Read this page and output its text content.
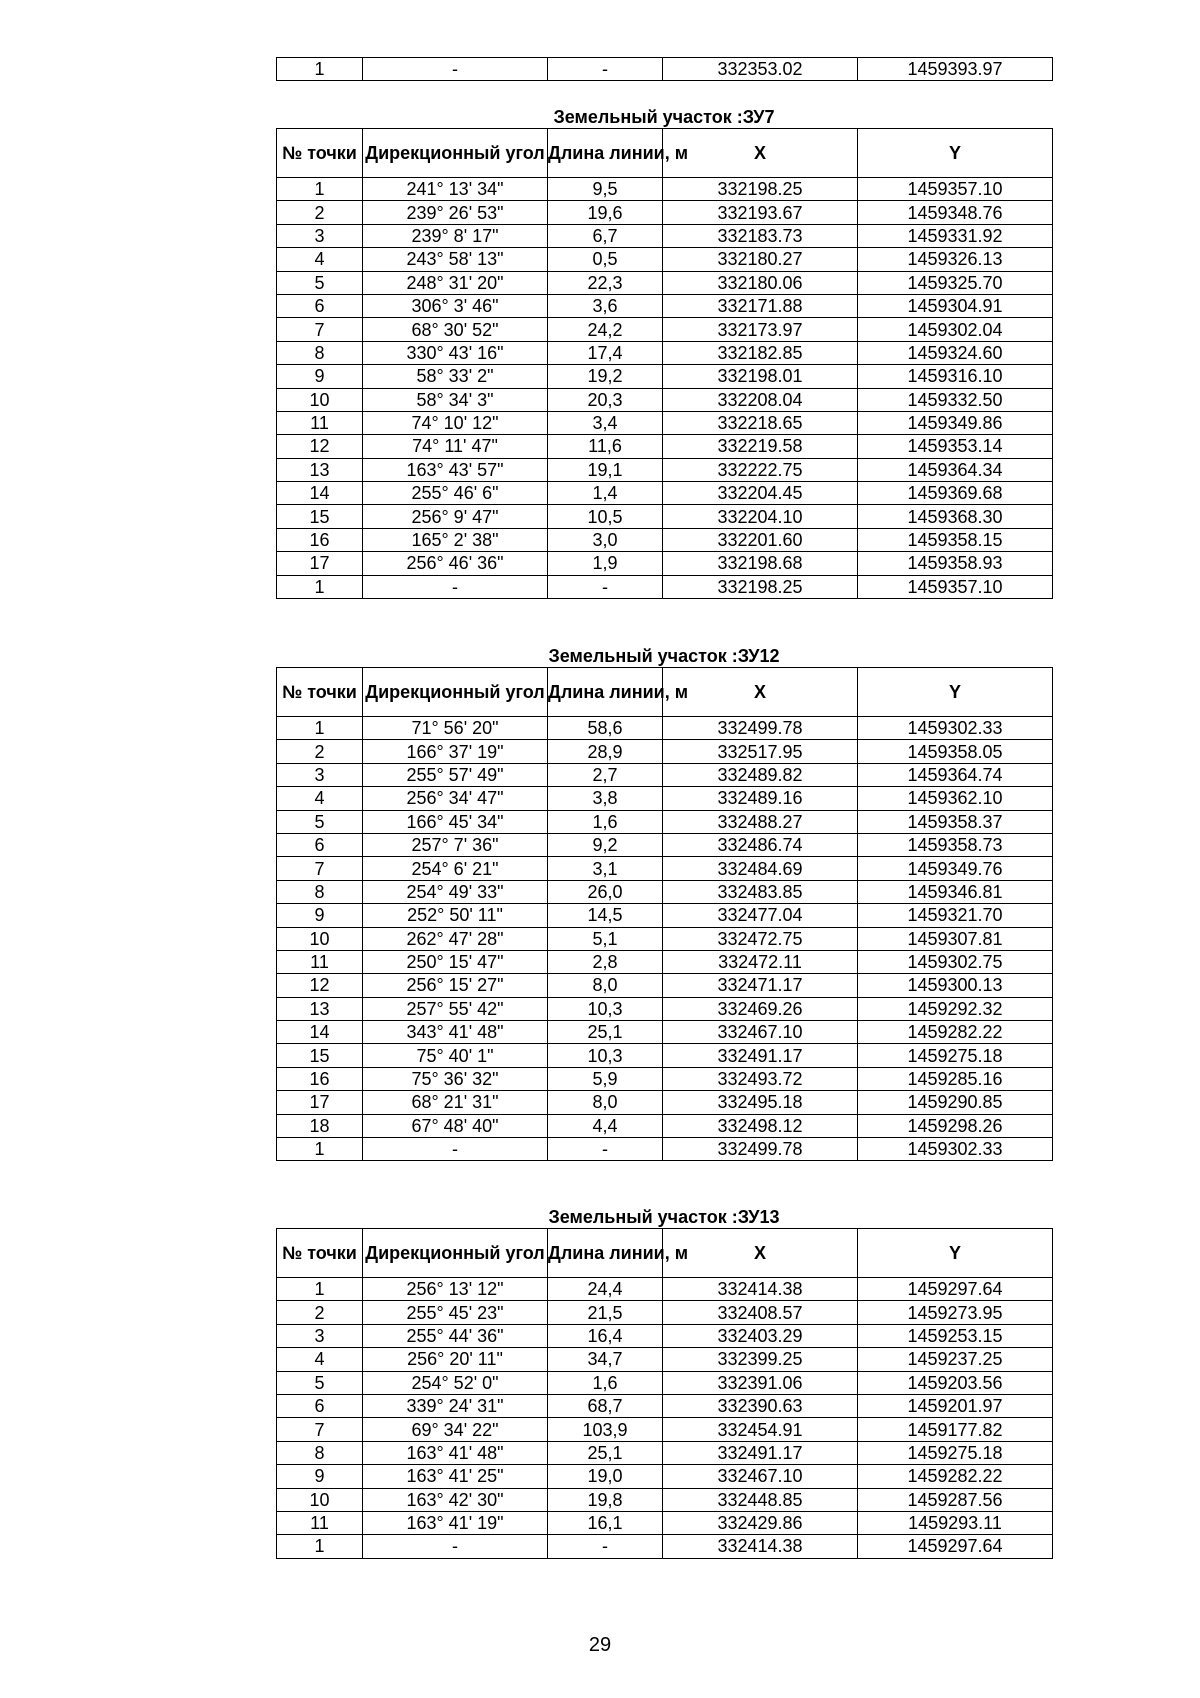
1	-	-	332353.02	1459393.97
Земельный участок :ЗУ7
№ точки	Дирекционный угол	Длина линии, м	X	Y
1	241° 13' 34"	9,5	332198.25	1459357.10
2	239° 26' 53"	19,6	332193.67	1459348.76
3	239° 8' 17"	6,7	332183.73	1459331.92
4	243° 58' 13"	0,5	332180.27	1459326.13
5	248° 31' 20"	22,3	332180.06	1459325.70
6	306° 3' 46"	3,6	332171.88	1459304.91
7	68° 30' 52"	24,2	332173.97	1459302.04
8	330° 43' 16"	17,4	332182.85	1459324.60
9	58° 33' 2"	19,2	332198.01	1459316.10
10	58° 34' 3"	20,3	332208.04	1459332.50
11	74° 10' 12"	3,4	332218.65	1459349.86
12	74° 11' 47"	11,6	332219.58	1459353.14
13	163° 43' 57"	19,1	332222.75	1459364.34
14	255° 46' 6"	1,4	332204.45	1459369.68
15	256° 9' 47"	10,5	332204.10	1459368.30
16	165° 2' 38"	3,0	332201.60	1459358.15
17	256° 46' 36"	1,9	332198.68	1459358.93
1	-	-	332198.25	1459357.10
Земельный участок :ЗУ12
№ точки	Дирекционный угол	Длина линии, м	X	Y
1	71° 56' 20"	58,6	332499.78	1459302.33
2	166° 37' 19"	28,9	332517.95	1459358.05
3	255° 57' 49"	2,7	332489.82	1459364.74
4	256° 34' 47"	3,8	332489.16	1459362.10
5	166° 45' 34"	1,6	332488.27	1459358.37
6	257° 7' 36"	9,2	332486.74	1459358.73
7	254° 6' 21"	3,1	332484.69	1459349.76
8	254° 49' 33"	26,0	332483.85	1459346.81
9	252° 50' 11"	14,5	332477.04	1459321.70
10	262° 47' 28"	5,1	332472.75	1459307.81
11	250° 15' 47"	2,8	332472.11	1459302.75
12	256° 15' 27"	8,0	332471.17	1459300.13
13	257° 55' 42"	10,3	332469.26	1459292.32
14	343° 41' 48"	25,1	332467.10	1459282.22
15	75° 40' 1"	10,3	332491.17	1459275.18
16	75° 36' 32"	5,9	332493.72	1459285.16
17	68° 21' 31"	8,0	332495.18	1459290.85
18	67° 48' 40"	4,4	332498.12	1459298.26
1	-	-	332499.78	1459302.33
Земельный участок :ЗУ13
№ точки	Дирекционный угол	Длина линии, м	X	Y
1	256° 13' 12"	24,4	332414.38	1459297.64
2	255° 45' 23"	21,5	332408.57	1459273.95
3	255° 44' 36"	16,4	332403.29	1459253.15
4	256° 20' 11"	34,7	332399.25	1459237.25
5	254° 52' 0"	1,6	332391.06	1459203.56
6	339° 24' 31"	68,7	332390.63	1459201.97
7	69° 34' 22"	103,9	332454.91	1459177.82
8	163° 41' 48"	25,1	332491.17	1459275.18
9	163° 41' 25"	19,0	332467.10	1459282.22
10	163° 42' 30"	19,8	332448.85	1459287.56
11	163° 41' 19"	16,1	332429.86	1459293.11
1	-	-	332414.38	1459297.64
29
